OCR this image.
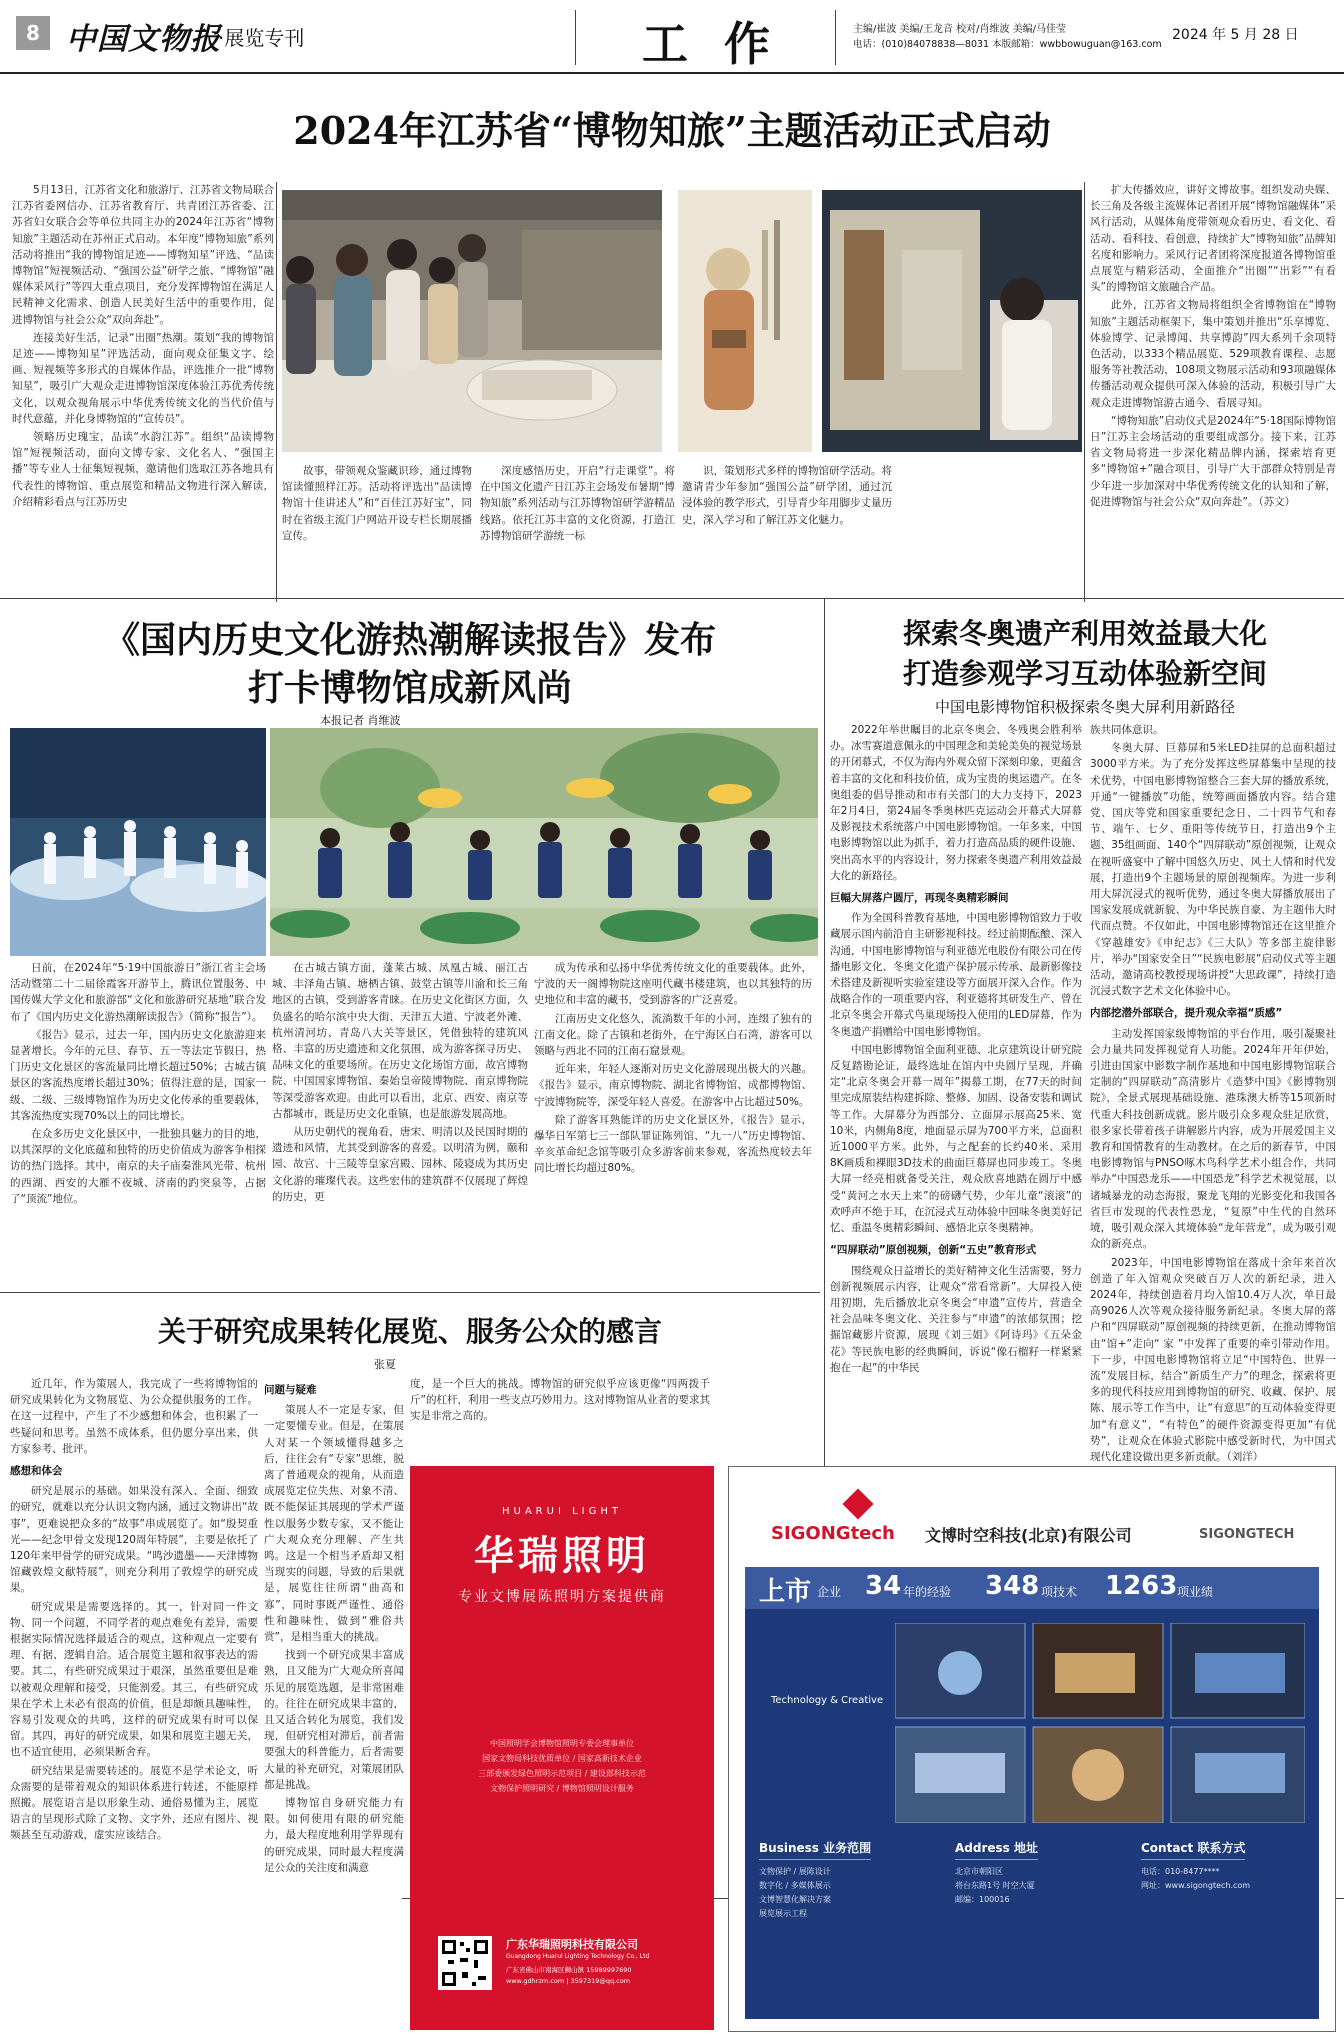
8 中国文物报
·展览专刊	工 作	主编/崔波 美编/王龙音 校对/肖维波 美编/马佳莹
电话：(010)84078838—8031 本版邮箱：wwbbowuguan@163.com
2024 年 5 月 28 日
2024年江苏省“博物知旅”主题活动正式启动

5月13日，江苏省文化和旅游厅、江苏省文物局联合江苏省委网信办、江苏省教育厅、共青团江苏省委、江苏省妇女联合会等单位共同主办的2024年江苏省“博物知旅”主题活动在苏州正式启动。本年度“博物知旅”系列活动将推出“我的博物馆足迹——博物知星”评选、“品读博物馆”短视频活动、“强国公益”研学之旅、“博物馆”融媒体采风行”等四大重点项目，充分发挥博物馆在满足人民精神文化需求、创造人民美好生活中的重要作用，促进博物馆与社会公众“双向奔赴”。

连接美好生活，记录“出圈”热潮。策划“我的博物馆足迹——博物知星”评选活动，面向观众征集文字、绘画、短视频等多形式的自媒体作品，评选推介一批“博物知星”，吸引广大观众走进博物馆深度体验江苏优秀传统文化，以观众视角展示中华优秀传统文化的当代价值与时代意蕴，并化身博物馆的“宣传员”。

领略历史瑰宝，品读“水韵江苏”。组织“品读博物馆”短视频活动，面向文博专家、文化名人、“强国主播”等专业人士征集短视频，邀请他们选取江苏各地具有代表性的博物馆、重点展览和精品文物进行深入解读，介绍精彩看点与江苏历史

故事，带领观众鉴藏识珍，通过博物馆读懂照样江苏。活动将评选出“品读博物馆十佳讲述人”和“百佳江苏好宝”，同时在省级主流门户网站开设专栏长期展播宣传。

深度感悟历史，开启“行走课堂”。将在中国文化遗产日江苏主会场发布暑期“博物知旅”系列活动与江苏博物馆研学游精品线路。依托江苏丰富的文化资源，打造江苏博物馆研学游统一标

识，策划形式多样的博物馆研学活动。将邀请青少年参加“强国公益”研学团，通过沉浸体验的教学形式，引导青少年用脚步丈量历史，深入学习和了解江苏文化魅力。

扩大传播效应，讲好文博故事。组织发动央媒、长三角及各级主流媒体记者团开展“博物馆融媒体”采风行活动，从媒体角度带领观众看历史、看文化、看活动、看科技、看创意，持续扩大“博物知旅”品牌知名度和影响力。采风行记者团将深度报道各博物馆重点展览与精彩活动，全面推介“出圈”“出彩”“有看头”的博物馆文旅融合产品。

此外，江苏省文物局将组织全省博物馆在“博物知旅”主题活动框架下，集中策划并推出“乐享博览、体验博学、记录博闻、共享博韵”四大系列千余项特色活动，以333个精品展览、529项教育课程、志愿服务等社教活动，108项文物展示活动和93项融媒体传播活动观众提供可深入体验的活动，积极引导广大观众走进博物馆游古通今、看展寻知。

“博物知旅”启动仪式是2024年“5·18国际博物馆日”江苏主会场活动的重要组成部分。接下来，江苏省文物局将进一步深化精品牌内涵，探索培育更多“博物馆+”融合项目，引导广大干部群众特别是青少年进一步加深对中华优秀传统文化的认知和了解，促进博物馆与社会公众“双向奔赴”。（苏文）

《国内历史文化游热潮解读报告》发布
打卡博物馆成新风尚
本报记者 肖维波

日前，在2024年“5·19中国旅游日”浙江省主会场活动暨第二十二届徐霞客开游节上，腾讯位置服务、中国传媒大学文化和旅游部“文化和旅游研究基地”联合发布了《国内历史文化游热潮解读报告》（简称“报告”）。

《报告》显示，过去一年，国内历史文化旅游迎来显著增长。今年的元旦、春节、五一等法定节假日，热门历史文化景区的客流量同比增长超过50%；古城古镇景区的客流热度增长超过30%；值得注意的是，国家一级、二级、三级博物馆作为历史文化传承的重要载体，其客流热度实现70%以上的同比增长。

在众多历史文化景区中，一批独具魅力的目的地，以其深厚的文化底蕴和独特的历史价值成为游客争相探访的热门选择。其中，南京的夫子庙秦淮风光带、杭州的西湖、西安的大雁不夜城、济南的趵突泉等，占据了“顶流”地位。

在古城古镇方面，蓬莱古城、凤凰古城、丽江古城、丰泽角古镇、塘栖古镇、鼓堂古镇等川渝和长三角地区的古镇，受到游客青睐。在历史文化街区方面，久负盛名的哈尔滨中央大街、天津五大道、宁波老外滩、杭州清河坊、青岛八大关等景区，凭借独特的建筑风格、丰富的历史遗迹和文化氛围，成为游客探寻历史、品味文化的重要场所。在历史文化场馆方面，故宫博物院、中国国家博物馆、秦始皇帝陵博物院、南京博物院等深受游客欢迎。由此可以看出，北京、西安、南京等古都城市，既是历史文化重镇，也是旅游发展高地。

从历史朝代的视角看，唐宋、明清以及民国时期的遗迹和风情，尤其受到游客的喜爱。以明清为例，颐和园、故宫、十三陵等皇家宫殿、园林、陵寝成为其历史文化游的璀璨代表。这些宏伟的建筑群不仅展现了辉煌的历史，更

成为传承和弘扬中华优秀传统文化的重要载体。此外，宁波的天一阁博物院这座明代藏书楼建筑，也以其独特的历史地位和丰富的藏书，受到游客的广泛喜爱。

江南历史文化悠久，流淌数千年的小河，连缀了独有的江南文化。除了古镇和老街外，在宁海区白石湾，游客可以领略与西北不同的江南石窟景观。

近年来，年轻人逐渐对历史文化游展现出极大的兴趣。《报告》显示，南京博物院、湖北省博物馆、成都博物馆、宁波博物院等，深受年轻人喜爱。在游客中占比超过50%。

除了游客耳熟能详的历史文化景区外，《报告》显示，爆华日军第七三一部队罪证陈列馆、“九一八”历史博物馆、辛亥革命纪念馆等吸引众多游客前来参观，客流热度较去年同比增长均超过80%。

探索冬奥遗产利用效益最大化
打造参观学习互动体验新空间
中国电影博物馆积极探索冬奥大屏利用新路径

2022年举世瞩目的北京冬奥会、冬残奥会胜利举办。冰雪赛道意佩永的中国理念和美轮美奂的视觉场景的开闭幕式，不仅为海内外观众留下深刻印象，更蕴含着丰富的文化和科技价值，成为宝贵的奥运遗产。在冬奥组委的倡导推动和市有关部门的大力支持下，2023年2月4日，第24届冬季奥林匹克运动会开幕式大屏幕及影视技术系统落户中国电影博物馆。一年多来，中国电影博物馆以此为抓手，着力打造高品质的硬件设施、突出高水平的内容设计，努力探索冬奥遗产利用效益最大化的新路径。

巨幅大屏落户圆厅，再现冬奥精彩瞬间

作为全国科普教育基地，中国电影博物馆致力于收藏展示国内前沿自主研影视科技。经过前期酝酿、深入沟通，中国电影博物馆与利亚德光电股份有限公司在传播电影文化、冬奥文化遗产保护展示传承、最新影像技术搭建及新视听实验室建设等方面展开深入合作。作为战略合作的一项重要内容，利亚德将其研发生产、曾在北京冬奥会开幕式鸟巢现场投入使用的LED屏幕，作为冬奥遗产捐赠给中国电影博物馆。

中国电影博物馆全面利亚德、北京建筑设计研究院反复踏勘论证，最终选址在馆内中央圆厅呈现，并确定“北京冬奥会开幕一周年”揭幕工期，在77天的时间里完成原装结构建拆除、整修、加固、设备安装和调试等工作。大屏幕分为西部分、立面屏示展高25米、宽10米，内侧角8度，地面显示屏为700平方米，总面积近1000平方米。此外，与之配套的长约40米、采用8K画质和裸眼3D技术的曲面巨幕屏也同步竣工。冬奥大屏一经亮相就备受关注，观众欣喜地踏在圆厅中感受“黄河之水天上来”的磅礴气势，少年儿童“滚滚”的欢呼声不绝于耳，在沉浸式互动体验中回味冬奥美好记忆、重温冬奥精彩瞬间、感悟北京冬奥精神。

“四屏联动”原创视频，创新“五史”教育形式

围绕观众日益增长的美好精神文化生活需要，努力创新视频展示内容，让观众“常看常新”。大屏投入使用初期，先后播放北京冬奥会“申遗”宣传片，营造全社会品味冬奥文化、关注参与“申遗”的浓郁氛围；挖掘馆藏影片资源，展现《刘三姐》《阿诗玛》《五朵金花》等民族电影的经典瞬间，诉说“像石榴籽一样紧紧抱在一起”的中华民

族共同体意识。

冬奥大屏、巨幕屏和5米LED挂屏的总面积超过3000平方米。为了充分发挥这些屏幕集中呈现的技术优势，中国电影博物馆整合三套大屏的播放系统，开通“一键播放”功能，统筹画面播放内容。结合建党、国庆等党和国家重要纪念日、二十四节气和春节、端午、七夕、重阳等传统节日，打造出9个主题、35组画面、140个“四屏联动”原创视频，让观众在视听盛宴中了解中国悠久历史、风土人情和时代发展，打造出9个主题场景的原创视频库。为进一步利用大屏沉浸式的视听优势，通过冬奥大屏播放展出了国家发展成就新貌、为中华民族自豪、为主题伟大时代而点赞。不仅如此，中国电影博物馆还在这里推介《穿越雄安》《申纪志》《三大队》等多部主旋律影片，举办“国家安全日”“民族电影展”启动仪式等主题活动，邀请高校教授现场讲授“大思政课”，持续打造沉浸式数字艺术文化体验中心。

内部挖潜外部联合，提升观众幸福“质感”

主动发挥国家级博物馆的平台作用，吸引凝聚社会力量共同发挥视觉育人功能。2024年开年伊始，引进由国家中影数字制作基地和中国电影博物馆联合定制的“四屏联动”高清影片《造梦中国》《影博物别院》，全景式展现基础设施、港珠澳大桥等15项新时代重大科技创新成就。影片吸引众多观众驻足欣赏，很多家长带着孩子讲解影片内容，成为开展爱国主义教育和国情教育的生动教材。在之后的新春节，中国电影博物馆与PNSO啄木鸟科学艺术小组合作，共同举办“中国恐龙乐——中国恐龙”科学艺术视觉展，以诸城暴龙的动态海报，聚龙飞翔的光影变化和我国各省巨市发现的代表性恐龙，“复原”中生代的自然环境，吸引观众深入其境体验“龙年营龙”，成为吸引观众的新亮点。

2023年，中国电影博物馆在落成十余年来首次创造了年入馆观众突破百万人次的新纪录，进入2024年，持续创造着月均入馆10.4万人次，单日最高9026人次等观众接待服务新纪录。冬奥大屏的落户和“四屏联动”原创视频的持续更新，在推动博物馆由“馆+”走向“ 家 ”中发挥了重要的牵引带动作用。下一步，中国电影博物馆将立足“中国特色、世界一流”发展目标，结合“新质生产力”的理念，探索将更多的现代科技应用到博物馆的研究、收藏、保护、展陈、展示等工作当中，让“有意思”的互动体验变得更加“有意义”，“有特色”的硬件资源变得更加“有优势”，让观众在体验式影院中感受新时代，为中国式现代化建设做出更多新贡献。（刘洋）

关于研究成果转化展览、服务公众的感言
张夏

近几年，作为策展人，我完成了一些将博物馆的研究成果转化为文物展览、为公众提供服务的工作。在这一过程中，产生了不少感想和体会，也积累了一些疑问和思考。虽然不成体系，但仍愿分享出来，供方家参考、批评。

感想和体会

研究是展示的基础。如果没有深入、全面、细致的研究，就难以充分认识文物内涵，通过文物讲出“故事”，更难说把众多的“故事”串成展览了。如“殷契重光——纪念甲骨文发现120周年特展”，主要是依托了120年来甲骨学的研究成果。“鸣沙遗墨——天津博物馆藏敦煌文献特展”，则充分利用了敦煌学的研究成果。

研究成果是需要选择的。其一，针对同一件文物、同一个问题，不同学者的观点难免有差异，需要根据实际情况选择最适合的观点，这种观点一定要有理、有据、逻辑自洽。适合展览主题和叙事表达的需要。其二，有些研究成果过于艰深，虽然重要但是难以被观众理解和接受，只能割爱。其三，有些研究成果在学术上未必有很高的价值，但是却颇具趣味性，容易引发观众的共鸣，这样的研究成果有时可以保留。其四，再好的研究成果，如果和展览主题无关，也不适宜使用，必须果断舍弃。

研究结果是需要转述的。展览不是学术论文，听众需要的是带着观众的知识体系进行转述，不能原样照搬。展览语言是以形象生动、通俗易懂为主，展览语言的呈现形式除了文物、文字外，还应有图片、视频甚至互动游戏，虚实应该结合。

问题与疑难

策展人不一定是专家，但一定要懂专业。但是，在策展人对某一个领域懂得越多之后，往往会有“专家”思维，脱离了普通观众的视角，从而造成展览定位失焦、对象不清、既不能保证其展现的学术严谨性以服务少数专家，又不能让广大观众充分理解、产生共鸣。这是一个相当矛盾却又相当现实的问题，导致的后果就是，展览往往所谓“曲高和寡”，同时事既严谨性、通俗性和趣味性，做到“雅俗共赏”，是相当重大的挑战。

找到一个研究成果丰富成熟，且又能为广大观众所喜闻乐见的展览选题，是非常困难的。往往在研究成果丰富的，且又适合转化为展览，我们发现，但研究相对滞后，前者需要强大的科普能力，后者需要大量的补充研究，对策展团队都是挑战。

博物馆自身研究能力有限。如何使用有限的研究能力，最大程度地利用学界现有的研究成果，同时最大程度满足公众的关注度和满意

度，是一个巨大的挑战。博物馆的研究似乎应该更像“四两拨千斤”的杠杆，利用一些支点巧妙用力。这对博物馆从业者的要求其实是非常之高的。

HUARUI LIGHT
华瑞照明
专业文博展陈照明方案提供商
中国照明学会博物馆照明专委会理事单位
国家文物局科技优质单位 / 国家高新技术企业
三部委颁发绿色照明示范项目 / 建设部科技示范
文物保护照明研究 / 博物馆照明设计服务
广东华瑞照明科技有限公司
Guangdong Huarui Lighting Technology Co., Ltd
广东省佛山市南海区狮山镇 15989997690
www.gdhrzm.com | 3597319@qq.com
SIGONGtech 文博时空科技(北京)有限公司	SIGONGTECH
上市 企业 34 年的经验 348 项技术 1263 项业绩
Technology & Creative
Business 业务范围	Address 地址	Contact 联系方式
文物保护 / 展陈设计
数字化 / 多媒体展示
文博智慧化解决方案
展览展示工程
北京市朝阳区
将台东路1号 时空大厦
邮编：100016
电话：010-8477****
网址：www.sigongtech.com
